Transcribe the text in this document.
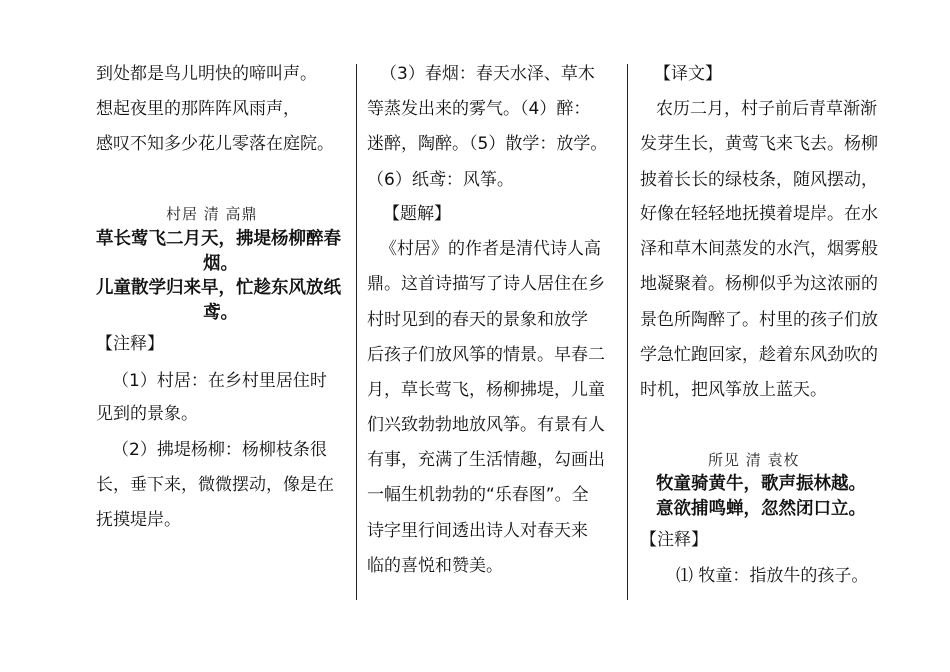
到处都是鸟儿明快的啼叫声。
想起夜里的那阵阵风雨声，
感叹不知多少花儿零落在庭院。
村居 清 高鼎
草长莺飞二月天，拂堤杨柳醉春
烟。
儿童散学归来早，忙趁东风放纸
鸢。
【注释】
（1）村居：在乡村里居住时
见到的景象。
（2）拂堤杨柳：杨柳枝条很
长，垂下来，微微摆动，像是在
抚摸堤岸。
（3）春烟：春天水泽、草木
等蒸发出来的雾气。（4）醉：
迷醉，陶醉。（5）散学：放学。
（6）纸鸢：风筝。
【题解】
《村居》的作者是清代诗人高
鼎。这首诗描写了诗人居住在乡
村时见到的春天的景象和放学
后孩子们放风筝的情景。早春二
月，草长莺飞，杨柳拂堤，儿童
们兴致勃勃地放风筝。有景有人
有事，充满了生活情趣，勾画出
一幅生机勃勃的“乐春图”。全
诗字里行间透出诗人对春天来
临的喜悦和赞美。
【译文】
农历二月，村子前后青草渐渐
发芽生长，黄莺飞来飞去。杨柳
披着长长的绿枝条，随风摆动，
好像在轻轻地抚摸着堤岸。在水
泽和草木间蒸发的水汽，烟雾般
地凝聚着。杨柳似乎为这浓丽的
景色所陶醉了。村里的孩子们放
学急忙跑回家，趁着东风劲吹的
时机，把风筝放上蓝天。
所见 清 袁枚
牧童骑黄牛，歌声振林越。
意欲捕鸣蝉，忽然闭口立。
【注释】
⑴ 牧童：指放牛的孩子。
